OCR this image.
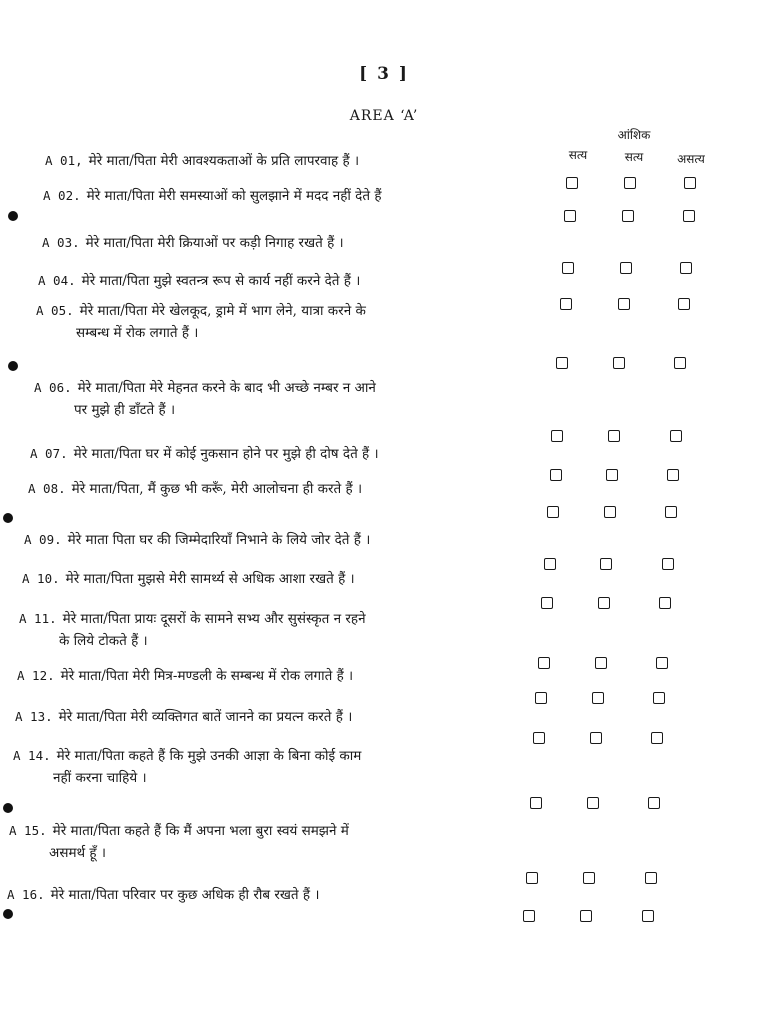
[ 3 ]
AREA ‘A’
सत्य
आंशिक
सत्य	असत्य
A 01, मेरे माता/पिता मेरी आवश्यकताओं के प्रति लापरवाह हैं ।
A 02. मेरे माता/पिता मेरी समस्याओं को सुलझाने में मदद नहीं देते हैं
A 03. मेरे माता/पिता मेरी क्रियाओं पर कड़ी निगाह रखते हैं ।
A 04. मेरे माता/पिता मुझे स्वतन्त्र रूप से कार्य नहीं करने देते हैं ।
A 05. मेरे माता/पिता मेरे खेलकूद, ड्रामे में भाग लेने, यात्रा करने के
सम्बन्ध में रोक लगाते हैं ।
A 06. मेरे माता/पिता मेरे मेहनत करने के बाद भी अच्छे नम्बर न आने
पर मुझे ही डाँटते हैं ।
A 07. मेरे माता/पिता घर में कोई नुकसान होने पर मुझे ही दोष देते हैं ।
A 08. मेरे माता/पिता, मैं कुछ भी करूँ, मेरी आलोचना ही करते हैं ।
A 09. मेरे माता पिता घर की जिम्मेदारियाँ निभाने के लिये जोर देते हैं ।
A 10. मेरे माता/पिता मुझसे मेरी सामर्थ्य से अधिक आशा रखते हैं ।
A 11. मेरे माता/पिता प्रायः दूसरों के सामने सभ्य और सुसंस्कृत न रहने
के लिये टोकते हैं ।
A 12. मेरे माता/पिता मेरी मित्र-मण्डली के सम्बन्ध में रोक लगाते हैं ।
A 13. मेरे माता/पिता मेरी व्यक्तिगत बातें जानने का प्रयत्न करते हैं ।
A 14. मेरे माता/पिता कहते हैं कि मुझे उनकी आज्ञा के बिना कोई काम
नहीं करना चाहिये ।
A 15. मेरे माता/पिता कहते हैं कि मैं अपना भला बुरा स्वयं समझने में
असमर्थ हूँ ।
A 16. मेरे माता/पिता परिवार पर कुछ अधिक ही रौब रखते हैं ।
